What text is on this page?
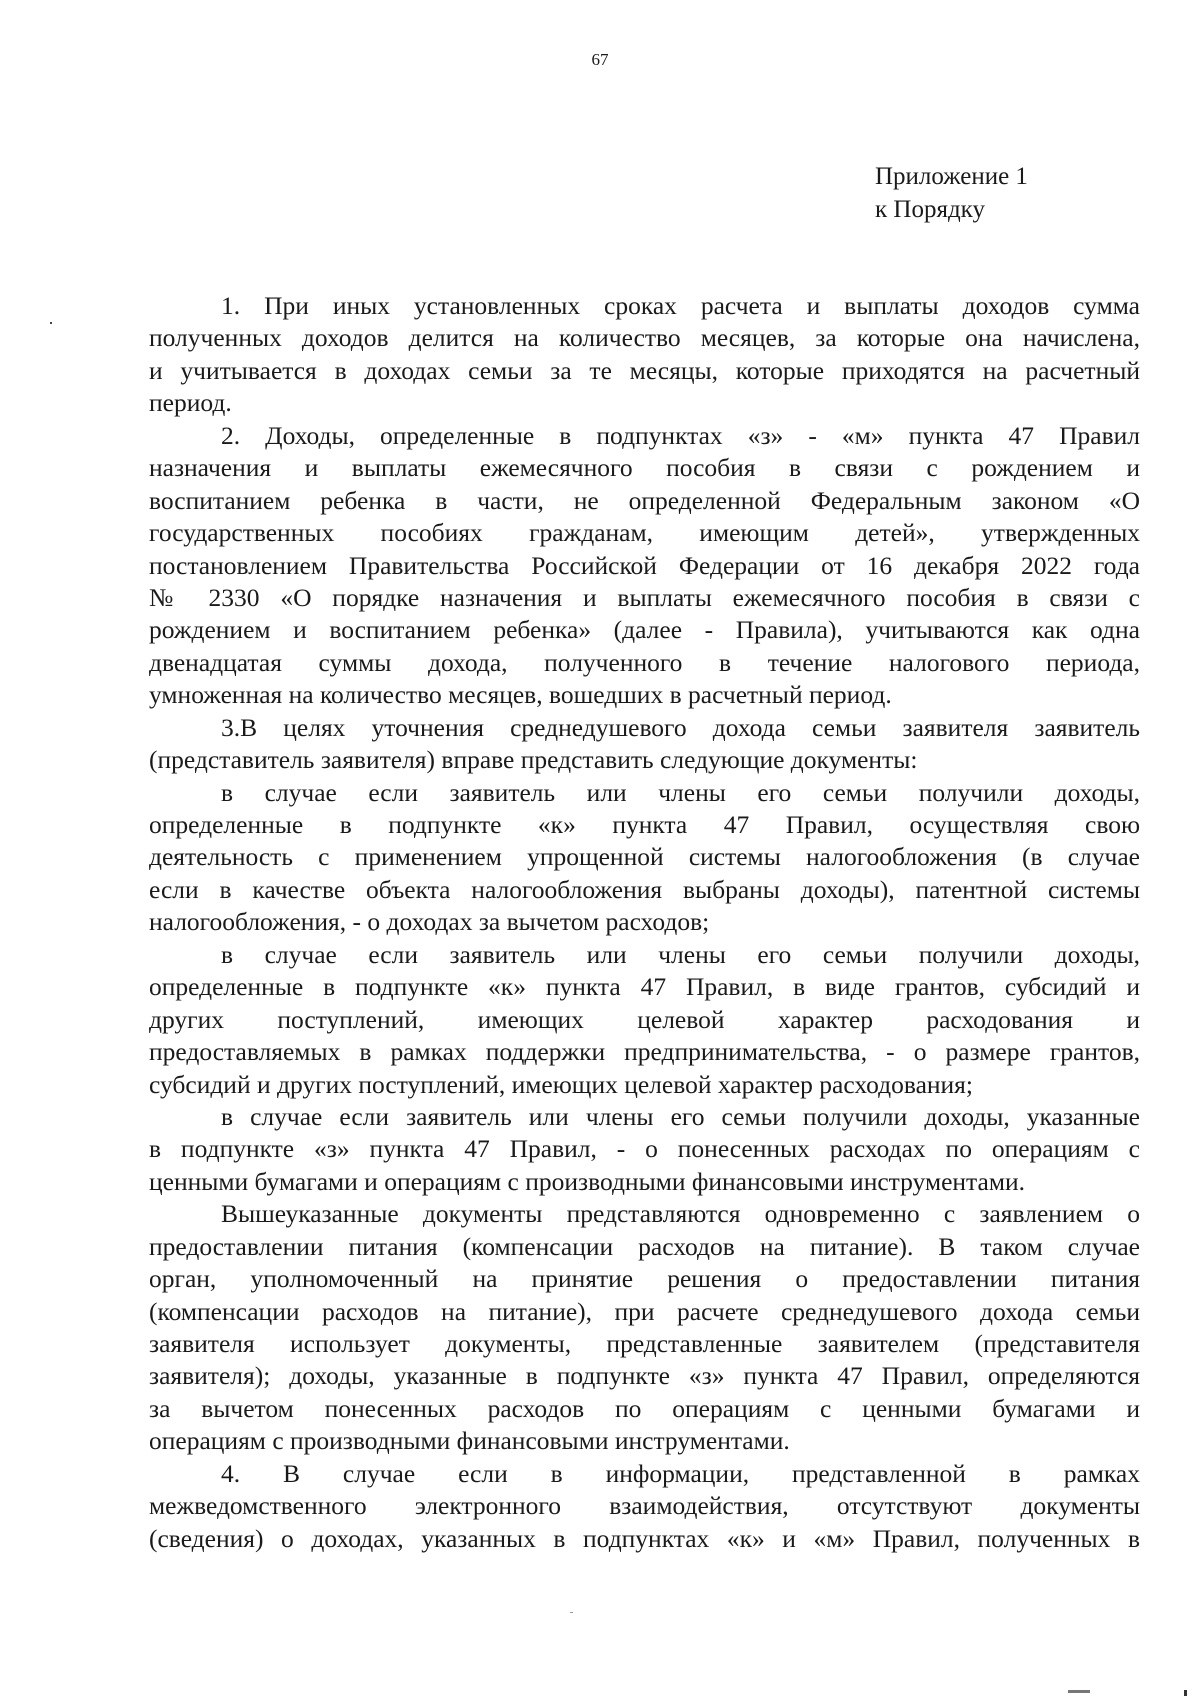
67
Приложение 1
к Порядку
1. При иных установленных сроках расчета и выплаты доходов сумма
полученных доходов делится на количество месяцев, за которые она начислена,
и учитывается в доходах семьи за те месяцы, которые приходятся на расчетный
период.
2. Доходы, определенные в подпунктах «з» - «м» пункта 47 Правил
назначения и выплаты ежемесячного пособия в связи с рождением и
воспитанием ребенка в части, не определенной Федеральным законом «О
государственных пособиях гражданам, имеющим детей», утвержденных
постановлением Правительства Российской Федерации от 16 декабря 2022 года
№ 2330 «О порядке назначения и выплаты ежемесячного пособия в связи с
рождением и воспитанием ребенка» (далее - Правила), учитываются как одна
двенадцатая суммы дохода, полученного в течение налогового периода,
умноженная на количество месяцев, вошедших в расчетный период.
3.В целях уточнения среднедушевого дохода семьи заявителя заявитель
(представитель заявителя) вправе представить следующие документы:
в случае если заявитель или члены его семьи получили доходы,
определенные в подпункте «к» пункта 47 Правил, осуществляя свою
деятельность с применением упрощенной системы налогообложения (в случае
если в качестве объекта налогообложения выбраны доходы), патентной системы
налогообложения, - о доходах за вычетом расходов;
в случае если заявитель или члены его семьи получили доходы,
определенные в подпункте «к» пункта 47 Правил, в виде грантов, субсидий и
других поступлений, имеющих целевой характер расходования и
предоставляемых в рамках поддержки предпринимательства, - о размере грантов,
субсидий и других поступлений, имеющих целевой характер расходования;
в случае если заявитель или члены его семьи получили доходы, указанные
в подпункте «з» пункта 47 Правил, - о понесенных расходах по операциям с
ценными бумагами и операциям с производными финансовыми инструментами.
Вышеуказанные документы представляются одновременно с заявлением о
предоставлении питания (компенсации расходов на питание). В таком случае
орган, уполномоченный на принятие решения о предоставлении питания
(компенсации расходов на питание), при расчете среднедушевого дохода семьи
заявителя использует документы, представленные заявителем (представителя
заявителя); доходы, указанные в подпункте «з» пункта 47 Правил, определяются
за вычетом понесенных расходов по операциям с ценными бумагами и
операциям с производными финансовыми инструментами.
4. В случае если в информации, представленной в рамках
межведомственного электронного взаимодействия, отсутствуют документы
(сведения) о доходах, указанных в подпунктах «к» и «м» Правил, полученных в
